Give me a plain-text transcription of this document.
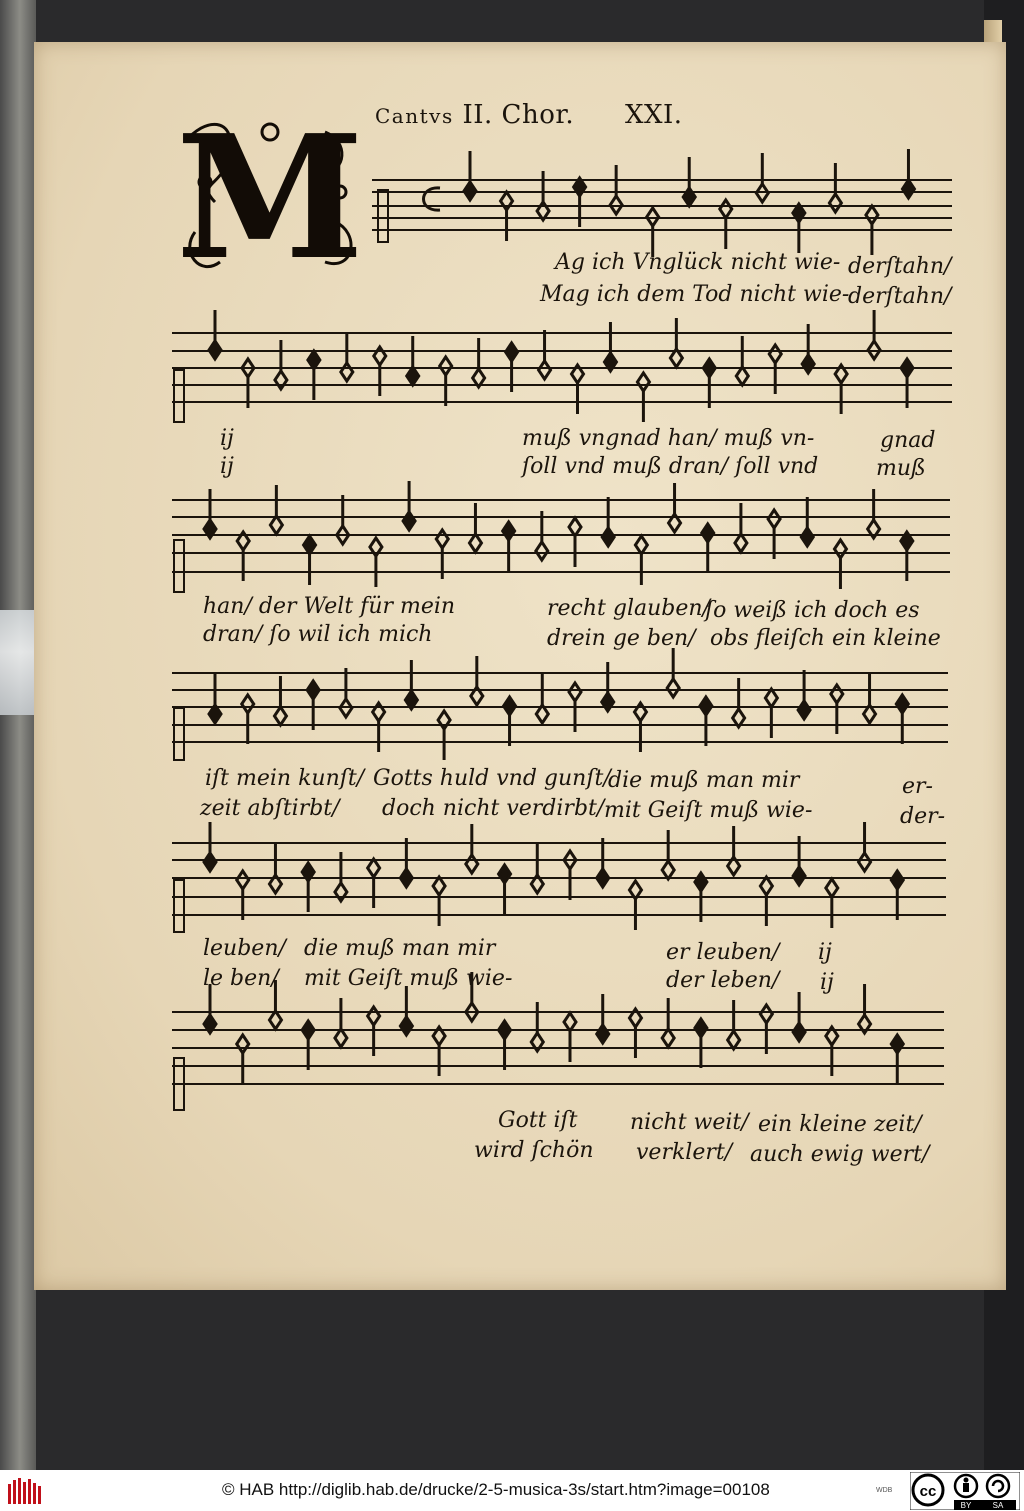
Cantvs II. Chor. XXI.
M	Ag ich Vnglück nicht wie- derſtahn/
Mag ich dem Tod nicht wie-
derſtahn/
ij	muß vngnad han/ muß vn-	gnad
ij	ſoll vnd muß dran/ ſoll vnd	muß
han/ der Welt für mein	recht glauben/
ſo weiß ich doch es
dran/ ſo wil ich mich	drein ge ben/ obs fleiſch ein kleine
iſt mein kunſt/ Gotts huld vnd gunſt/
die muß man mir	er-
zeit abſtirbt/ doch nicht verdirbt/ mit Geiſt muß wie-	der-
leuben/ die muß man mir	er leuben/ ij
le ben/ mit Geiſt muß wie-	der leben/ ij
Gott iſt nicht weit/ ein kleine zeit/
wird ſchön verklert/ auch ewig wert/
© HAB http://diglib.hab.de/drucke/2-5-musica-3s/start.htm?image=00108	WDB cc
BY	SA
